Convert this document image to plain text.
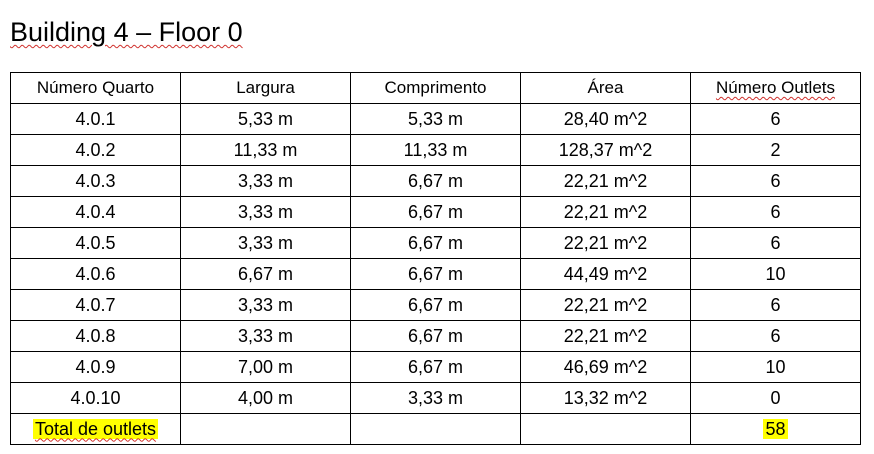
Building 4 – Floor 0
Número Quarto	Largura	Comprimento	Área	Número Outlets
4.0.1	5,33 m	5,33 m	28,40 m^2	6
4.0.2	11,33 m	11,33 m	128,37 m^2	2
4.0.3	3,33 m	6,67 m	22,21 m^2	6
4.0.4	3,33 m	6,67 m	22,21 m^2	6
4.0.5	3,33 m	6,67 m	22,21 m^2	6
4.0.6	6,67 m	6,67 m	44,49 m^2	10
4.0.7	3,33 m	6,67 m	22,21 m^2	6
4.0.8	3,33 m	6,67 m	22,21 m^2	6
4.0.9	7,00 m	6,67 m	46,69 m^2	10
4.0.10	4,00 m	3,33 m	13,32 m^2	0
Total de outlets				58
